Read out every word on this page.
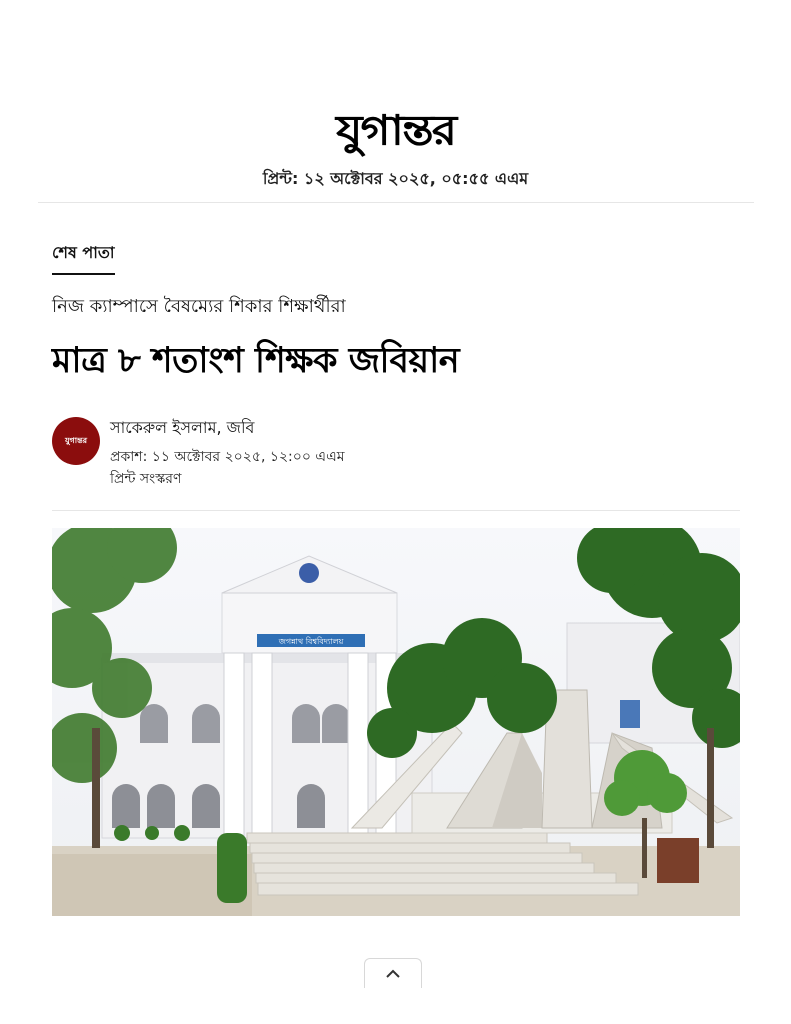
যুগান্তর
প্রিন্ট: ১২ অক্টোবর ২০২৫, ০৫:৫৫ এএম
শেষ পাতা
নিজ ক্যাম্পাসে বৈষম্যের শিকার শিক্ষার্থীরা
মাত্র ৮ শতাংশ শিক্ষক জবিয়ান
যুগান্তর
সাকেরুল ইসলাম, জবি
প্রকাশ: ১১ অক্টোবর ২০২৫, ১২:০০ এএম
প্রিন্ট সংস্করণ
জগন্নাথ বিশ্ববিদ্যালয়
